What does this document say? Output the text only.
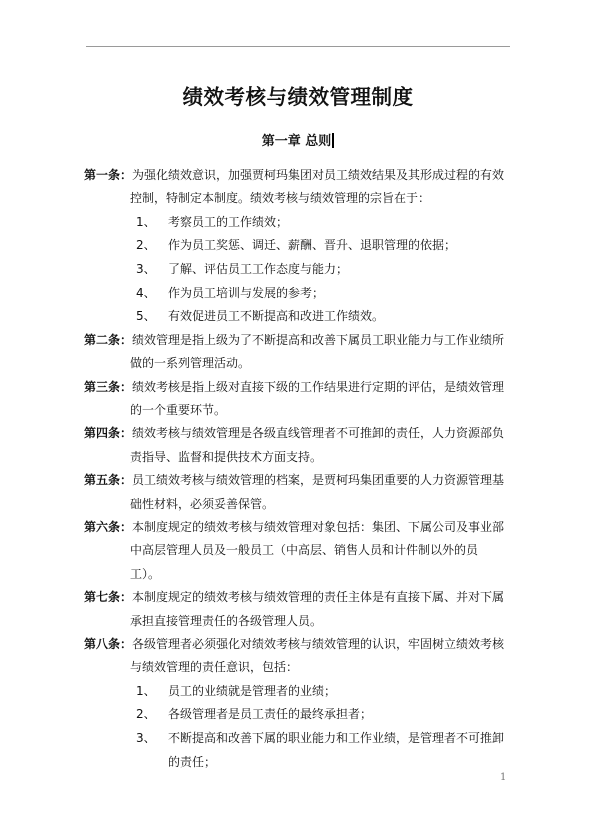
绩效考核与绩效管理制度
第一章 总则
第一条： 为强化绩效意识，加强贾柯玛集团对员工绩效结果及其形成过程的有效
控制，特制定本制度。绩效考核与绩效管理的宗旨在于：
1、	考察员工的工作绩效；
2、	作为员工奖惩、调迁、薪酬、晋升、退职管理的依据；
3、	了解、评估员工工作态度与能力；
4、	作为员工培训与发展的参考；
5、	有效促进员工不断提高和改进工作绩效。
第二条： 绩效管理是指上级为了不断提高和改善下属员工职业能力与工作业绩所
做的一系列管理活动。
第三条： 绩效考核是指上级对直接下级的工作结果进行定期的评估，是绩效管理
的一个重要环节。
第四条： 绩效考核与绩效管理是各级直线管理者不可推卸的责任，人力资源部负
责指导、监督和提供技术方面支持。
第五条： 员工绩效考核与绩效管理的档案，是贾柯玛集团重要的人力资源管理基
础性材料，必须妥善保管。
第六条： 本制度规定的绩效考核与绩效管理对象包括：集团、下属公司及事业部
中高层管理人员及一般员工（中高层、销售人员和计件制以外的员工）。
第七条： 本制度规定的绩效考核与绩效管理的责任主体是有直接下属、并对下属
承担直接管理责任的各级管理人员。
第八条： 各级管理者必须强化对绩效考核与绩效管理的认识，牢固树立绩效考核
与绩效管理的责任意识，包括：
1、	员工的业绩就是管理者的业绩；
2、	各级管理者是员工责任的最终承担者；
3、	不断提高和改善下属的职业能力和工作业绩，是管理者不可推卸
的责任；
1
